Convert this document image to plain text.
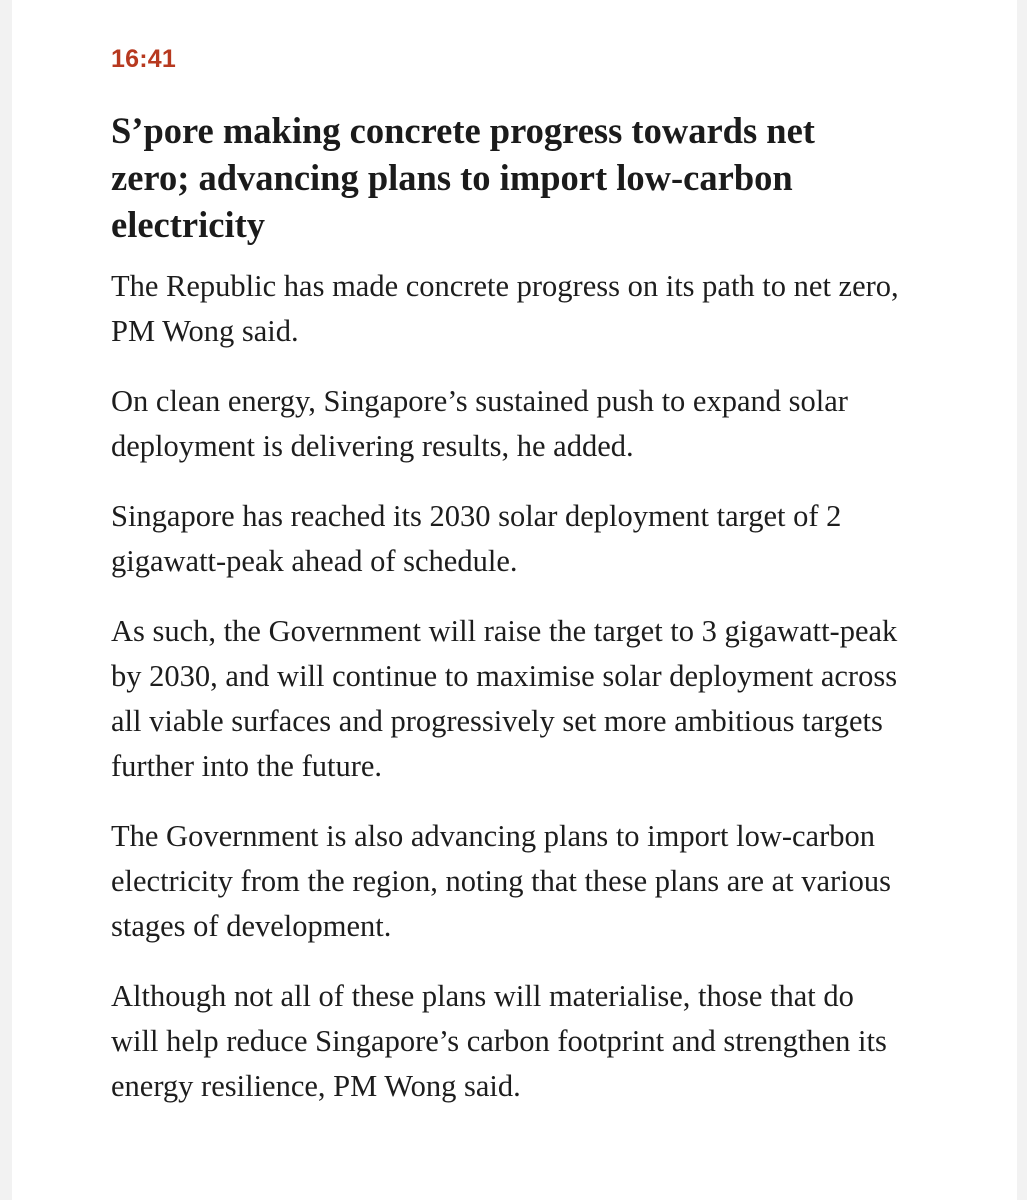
16:41
S’pore making concrete progress towards net zero; advancing plans to import low-carbon electricity

The Republic has made concrete progress on its path to net zero, PM Wong said.

On clean energy, Singapore’s sustained push to expand solar deployment is delivering results, he added.

Singapore has reached its 2030 solar deployment target of 2 gigawatt-peak ahead of schedule.

As such, the Government will raise the target to 3 gigawatt-peak by 2030, and will continue to maximise solar deployment across all viable surfaces and progressively set more ambitious targets further into the future.

The Government is also advancing plans to import low-carbon electricity from the region, noting that these plans are at various stages of development.

Although not all of these plans will materialise, those that do will help reduce Singapore’s carbon footprint and strengthen its energy resilience, PM Wong said.
